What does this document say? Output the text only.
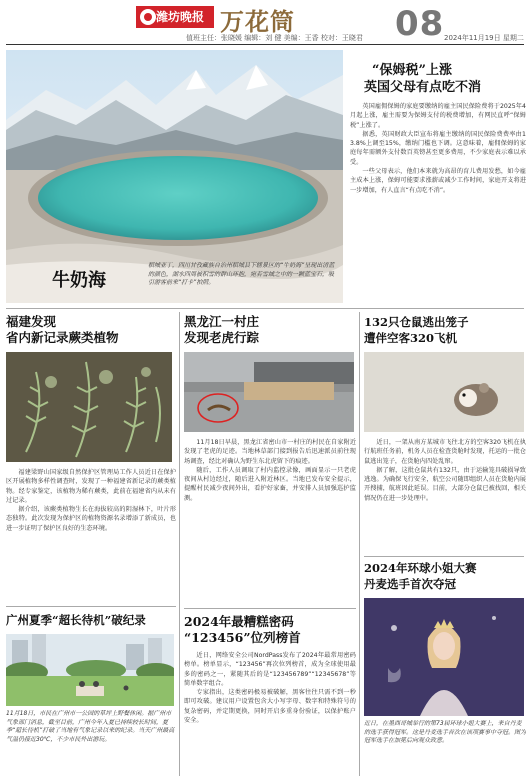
潍坊晚报 万花筒	08
值班主任：张晓媛 编辑：刘 健 美编：王香 校对：王晓君	2024年11月19日 星期二
牛奶海
稻城亚丁，四川甘孜藏族自治州稻城县下辖景区的“牛奶海”呈现出清蓝的颜色，湖水四周被积雪的群山环抱，宛若雪域之中的一颗蓝宝石，吸引游客前来“打卡”拍照。
“保姆税”上涨
英国父母有点吃不消

英国雇佣保姆的家庭要缴纳的雇主国民保险费将于2025年4月起上涨，雇主需要为保姆支付的税费增加，有网民直呼“保姆税”上涨了。

据悉，英国财政大臣宣布将雇主缴纳的国民保险费费率由13.8%上调至15%，缴纳门槛也下调。这意味着，雇佣保姆的家庭每年需额外支付数百英镑甚至更多费用，不少家庭表示难以承受。

一些父母表示，他们本来就为高昂的育儿费用发愁，如今雇主成本上涨，保姆可能要求涨薪或减少工作时间，家庭开支将进一步增加，有人直言“有点吃不消”。

福建发现
省内新记录蕨类植物

福建梁野山国家级自然保护区管理局工作人员近日在保护区开展植物多样性调查时，发现了一种福建省新记录的蕨类植物。经专家鉴定，该植物为稀有蕨类，此前在福建省内从未有过记录。

据介绍，该蕨类植物生长在海拔较高的阴湿林下，叶片形态独特。此次发现为保护区的植物资源名录增添了新成员，也进一步证明了保护区良好的生态环境。

黑龙江一村庄
发现老虎行踪

11月18日早晨，黑龙江省密山市一村庄的村民在自家附近发现了老虎的足迹。当地林草部门接到报告后迅速派员前往现场调查，经比对确认为野生东北虎留下的痕迹。

随后，工作人员调取了村内监控录像，画面显示一只老虎夜间从村边经过，随后进入附近林区。当地已发布安全提示，提醒村民减少夜间外出，看护好家畜，并安排人员加强巡护监测。

132只仓鼠逃出笼子
遭伴空客320飞机

近日，一架从南方某城市飞往北方的空客320飞机在执行航班任务前，机务人员在检查货舱时发现，托运的一批仓鼠逃出笼子，在货舱内四处乱窜。

据了解，这批仓鼠共有132只，由于运输笼具破损导致逃逸。为确保飞行安全，航空公司随即组织人员在货舱内展开搜捕，航班因此延误。目前，大部分仓鼠已被找回，相关情况仍在进一步处理中。

2024年环球小姐大赛
丹麦选手首次夺冠
近日，在墨西哥城举行的第73届环球小姐大赛上，来自丹麦的选手获得冠军。这是丹麦选手首次在该项赛事中夺冠。图为冠军选手在加冕后向观众致意。
2024年最糟糕密码
“123456”位列榜首

近日，网络安全公司NordPass发布了2024年最常用密码榜单。榜单显示，“123456”再次位列榜首，成为全球使用最多的密码之一，紧随其后的是“123456789”“12345678”等简单数字组合。

专家指出，这类密码极易被破解，黑客往往只需不到一秒即可攻破。建议用户设置包含大小写字母、数字和特殊符号的复杂密码，并定期更换，同时开启多重身份验证，以保护账户安全。

广州夏季“超长待机”破纪录
11月18日，市民在广州市一公园的草坪上野餐休闲。据广州市气象部门消息，截至目前，广州今年入夏已持续较长时间，夏季“超长待机”打破了当地有气象记录以来的纪录。当天广州最高气温仍接近30℃，不少市民外出游玩。
